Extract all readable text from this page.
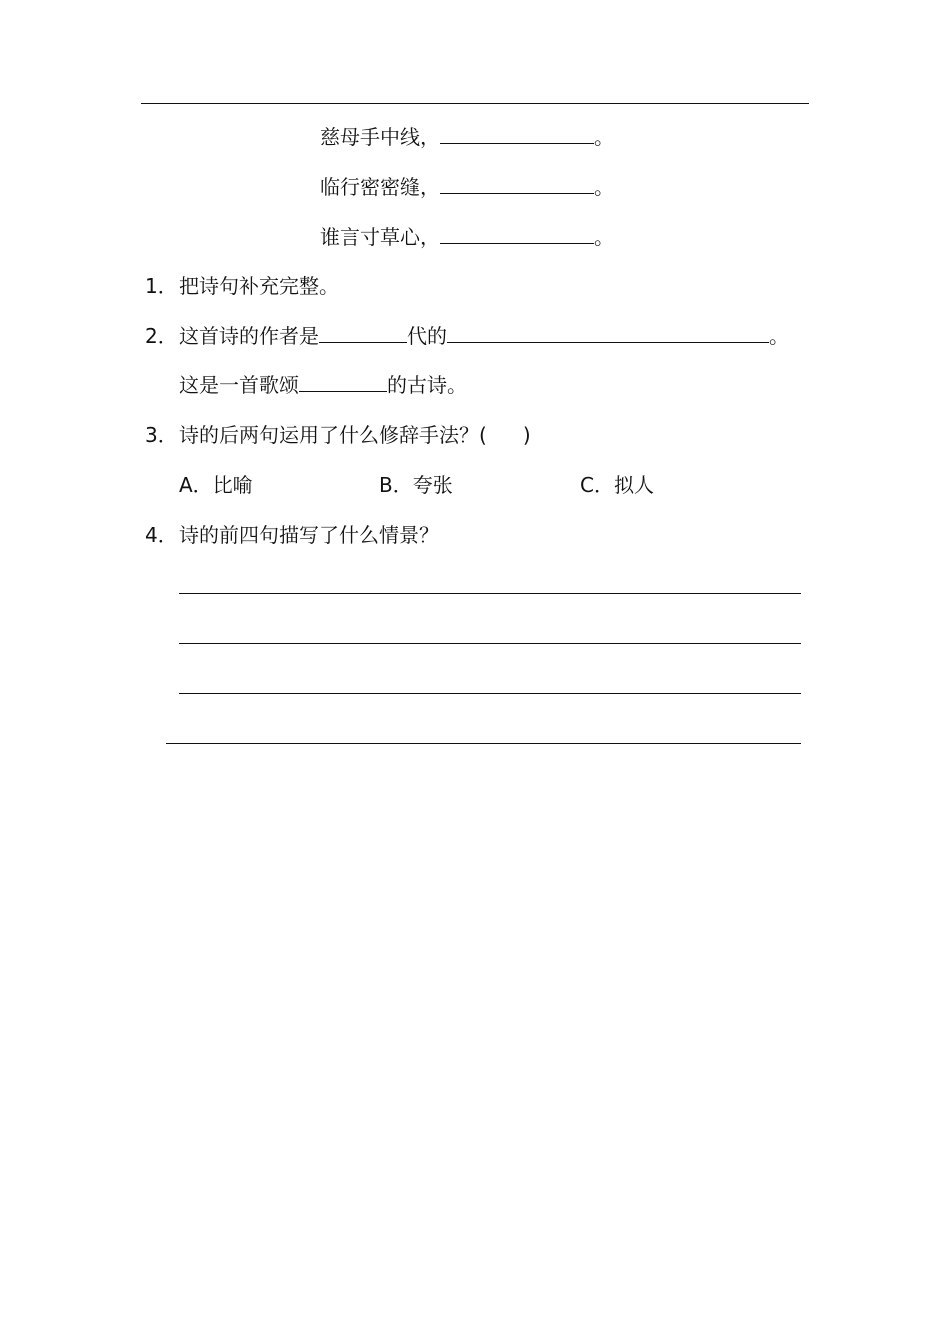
慈母手中线，	。
临行密密缝，	。
谁言寸草心，	。
1．把诗句补充完整。
2．这首诗的作者是	代的	。
这是一首歌颂	的古诗。
3．诗的后两句运用了什么修辞手法？( )
A．比喻	B．夸张	C．拟人
4．诗的前四句描写了什么情景？
